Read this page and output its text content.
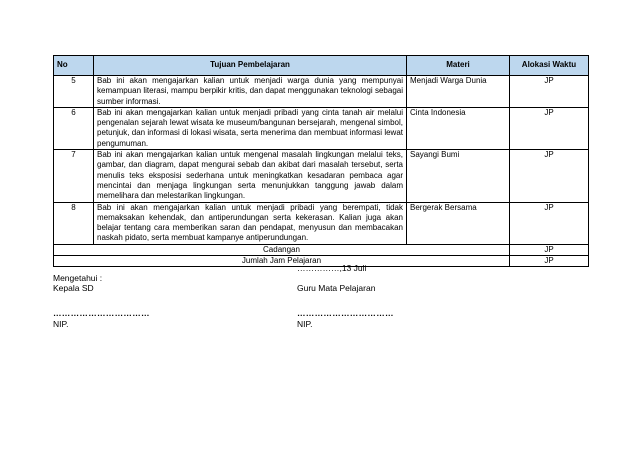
No	Tujuan Pembelajaran	Materi	Alokasi Waktu
5	Bab ini akan mengajarkan kalian untuk menjadi warga dunia yang mempunyai kemampuan literasi, mampu berpikir kritis, dan dapat menggunakan teknologi sebagai sumber informasi.	Menjadi Warga Dunia	JP
6	Bab ini akan mengajarkan kalian untuk menjadi pribadi yang cinta tanah air melalui pengenalan sejarah lewat wisata ke museum/bangunan bersejarah, mengenal simbol, petunjuk, dan informasi di lokasi wisata, serta menerima dan membuat informasi lewat pengumuman.	Cinta Indonesia	JP
7	Bab ini akan mengajarkan kalian untuk mengenal masalah lingkungan melalui teks, gambar, dan diagram, dapat mengurai sebab dan akibat dari masalah tersebut, serta menulis teks eksposisi sederhana untuk meningkatkan kesadaran pembaca agar mencintai dan menjaga lingkungan serta menunjukkan tanggung jawab dalam memelihara dan melestarikan lingkungan.	Sayangi Bumi	JP
8	Bab ini akan mengajarkan kalian untuk menjadi pribadi yang berempati, tidak memaksakan kehendak, dan antiperundungan serta kekerasan. Kalian juga akan belajar tentang cara memberikan saran dan pendapat, menyusun dan membacakan naskah pidato, serta membuat kampanye antiperundungan.	Bergerak Bersama	JP
Cadangan			JP
Jumlah Jam Pelajaran			JP
……………,13 Juli
Mengetahui :
Kepala SD	Guru Mata Pelajaran
……………………………	……………………………
NIP.	NIP.
